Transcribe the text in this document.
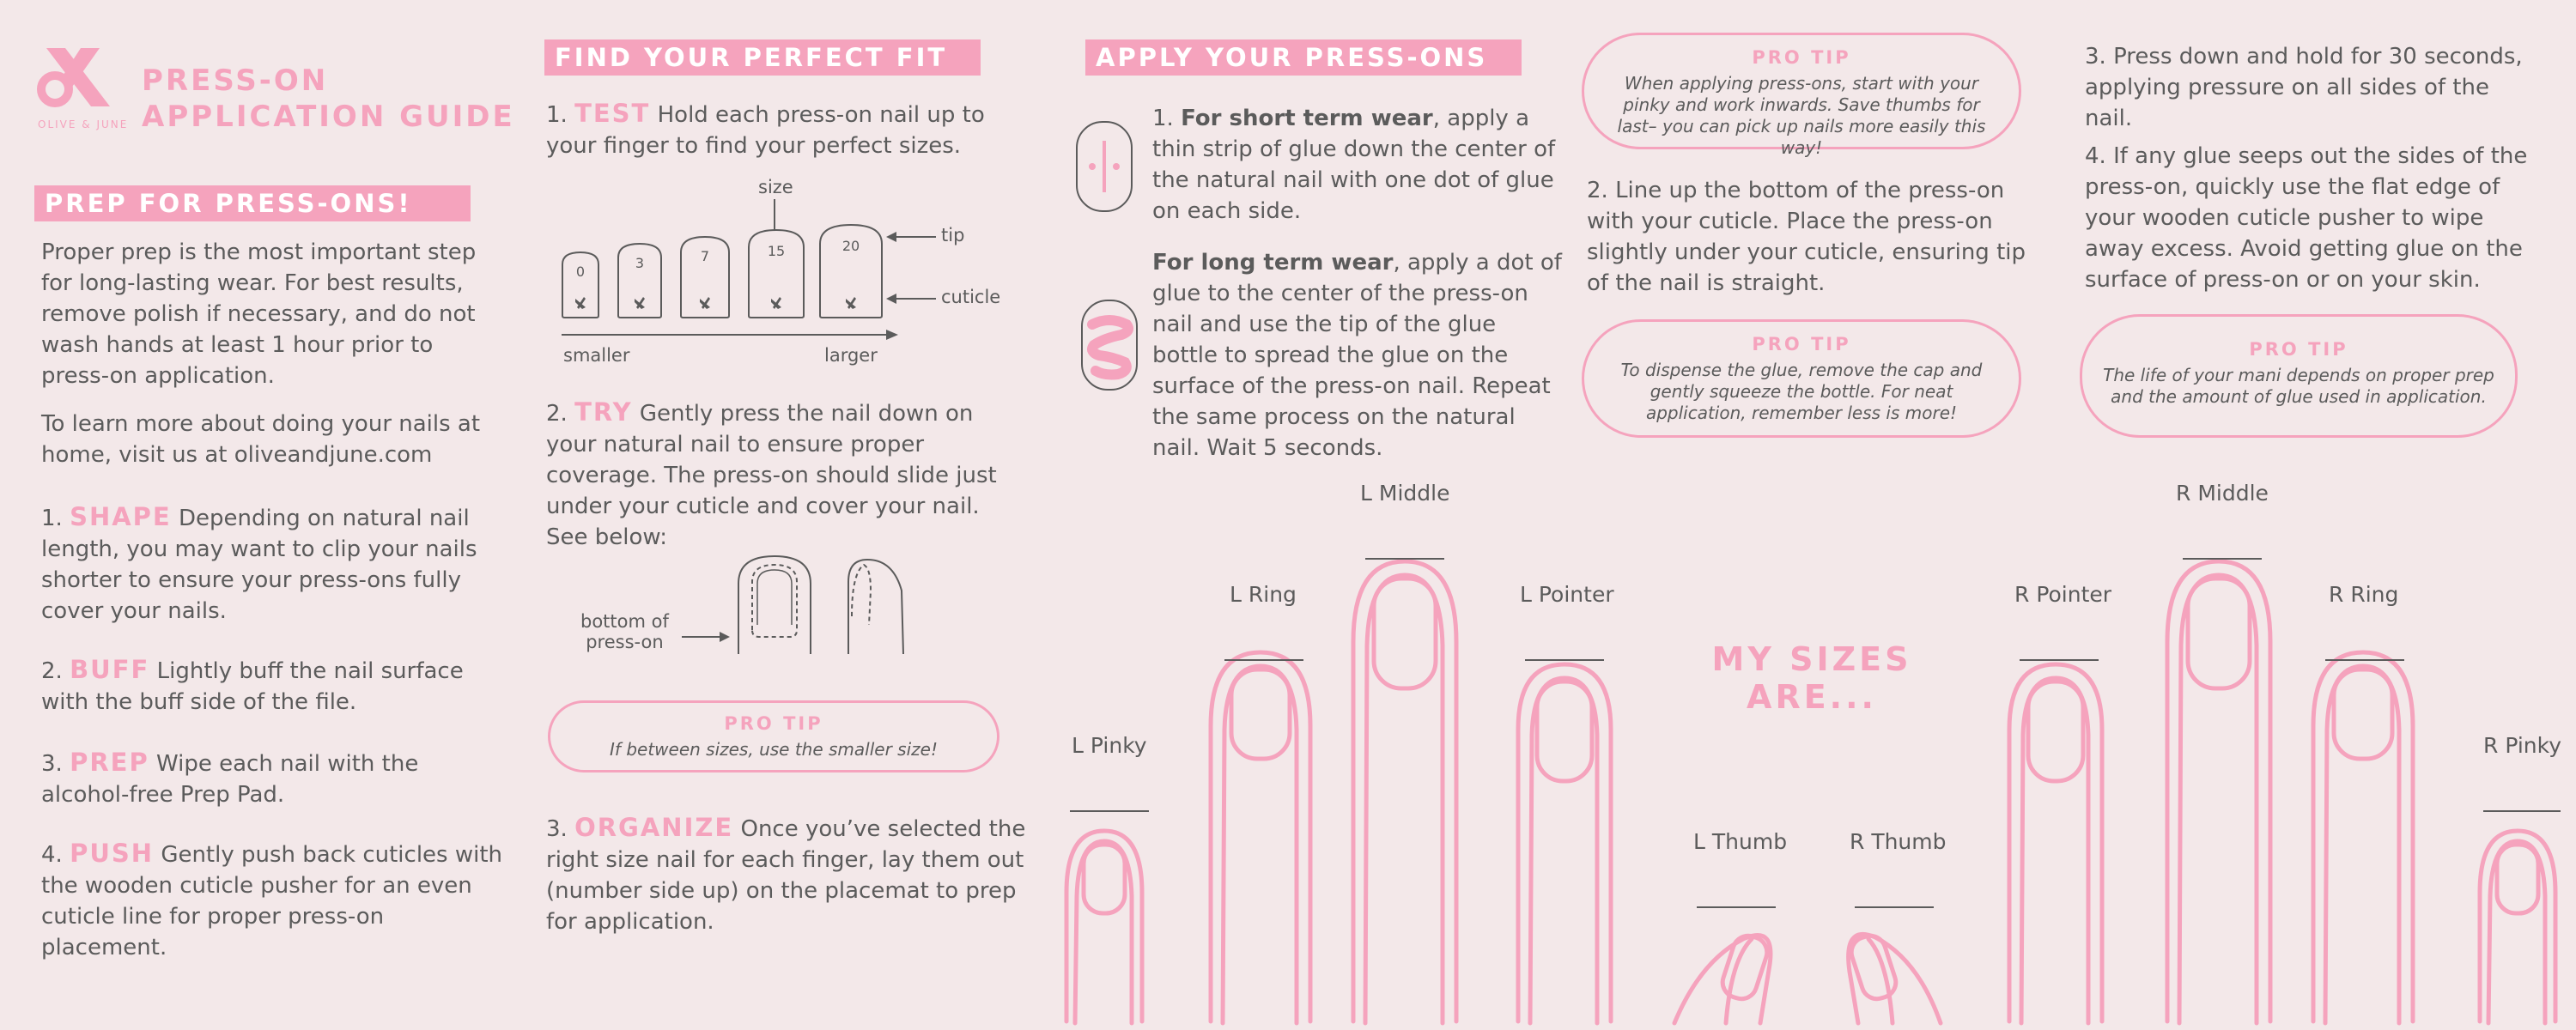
OLIVE & JUNE
PRESS-ON
APPLICATION GUIDE
PREP FOR PRESS-ONS!
Proper prep is the most important step for long-lasting wear. For best results, remove polish if necessary, and do not wash hands at least 1 hour prior to press-on application.
To learn more about doing your nails at home, visit us at oliveandjune.com
1. SHAPE Depending on natural nail length, you may want to clip your nails shorter to ensure your press-ons fully cover your nails.
2. BUFF Lightly buff the nail surface with the buff side of the file.
3. PREP Wipe each nail with the alcohol-free Prep Pad.
4. PUSH Gently push back cuticles with the wooden cuticle pusher for an even cuticle line for proper press-on placement.
FIND YOUR PERFECT FIT
1. TEST Hold each press-on nail up to your finger to find your perfect sizes.
size
0
3	7	15	20
tip
cuticle
smaller	larger
2. TRY Gently press the nail down on your natural nail to ensure proper coverage. The press-on should slide just under your cuticle and cover your nail. See below:
bottom of
press-on
PRO TIP
If between sizes, use the smaller size!
3. ORGANIZE Once you’ve selected the right size nail for each finger, lay them out (number side up) on the placemat to prep for application.
APPLY YOUR PRESS-ONS
1. For short term wear, apply a thin strip of glue down the center of the natural nail with one dot of glue on each side.
For long term wear, apply a dot of glue to the center of the press-on nail and use the tip of the glue bottle to spread the glue on the surface of the press-on nail. Repeat the same process on the natural nail. Wait 5 seconds.
PRO TIP
When applying press-ons, start with your pinky and work inwards. Save thumbs for last– you can pick up nails more easily this way!
2. Line up the bottom of the press-on with your cuticle. Place the press-on slightly under your cuticle, ensuring tip of the nail is straight.
PRO TIP
To dispense the glue, remove the cap and gently squeeze the bottle. For neat application, remember less is more!
3. Press down and hold for 30 seconds, applying pressure on all sides of the nail.
4. If any glue seeps out the sides of the press-on, quickly use the flat edge of your wooden cuticle pusher to wipe away excess. Avoid getting glue on the surface of press-on or on your skin.
PRO TIP
The life of your mani depends on proper prep and the amount of glue used in application.
MY SIZES
ARE...
L Pinky
L Ring
L Middle
L Pointer
L Thumb	R Thumb
R Pointer
R Middle
R Ring
R Pinky
